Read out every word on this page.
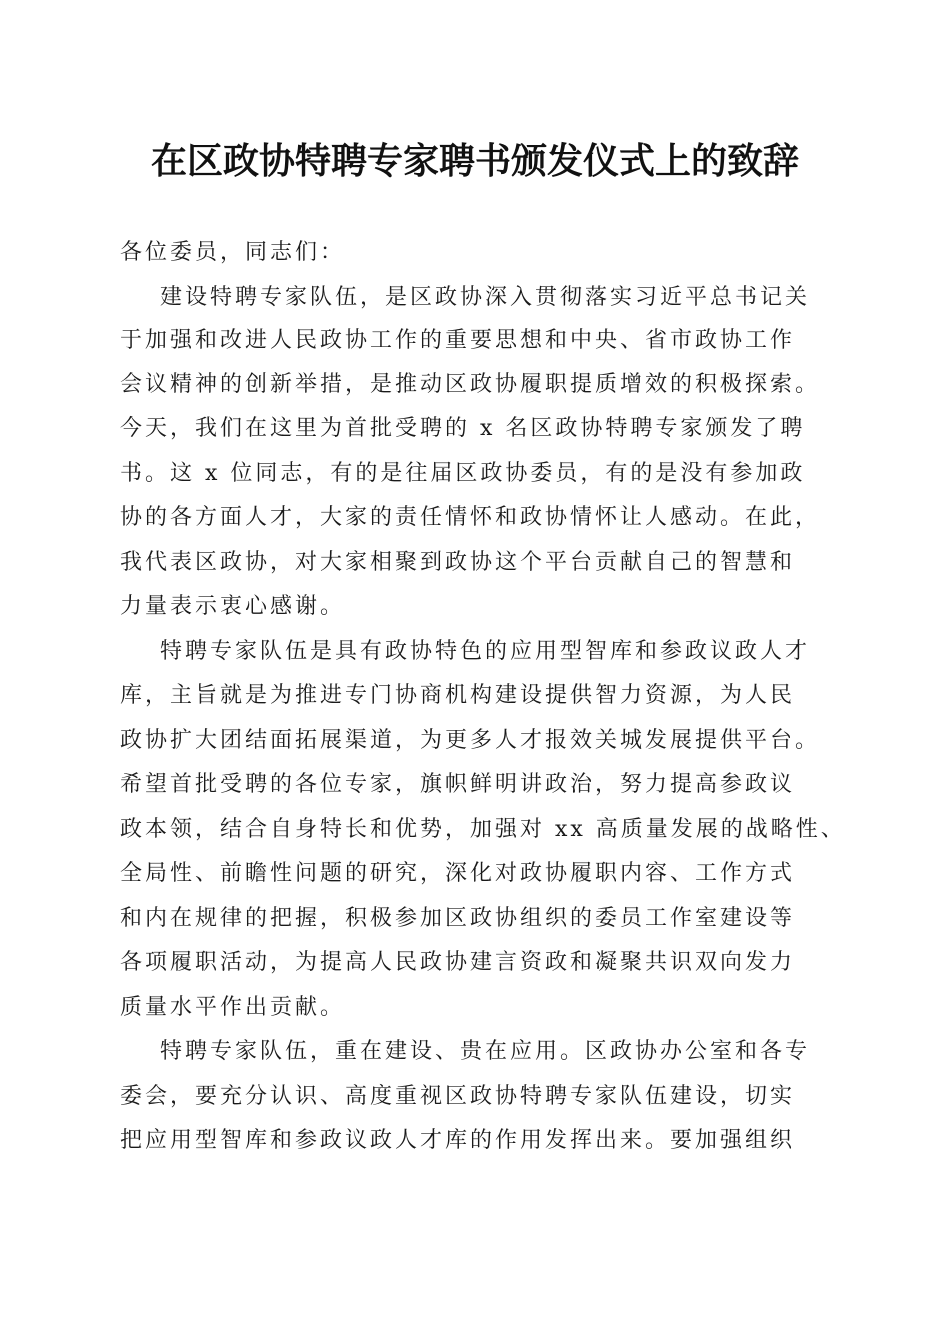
在区政协特聘专家聘书颁发仪式上的致辞
各位委员，同志们：
建设特聘专家队伍，是区政协深入贯彻落实习近平总书记关
于加强和改进人民政协工作的重要思想和中央、省市政协工作
会议精神的创新举措，是推动区政协履职提质增效的积极探索。
今天，我们在这里为首批受聘的 x 名区政协特聘专家颁发了聘
书。这 x 位同志，有的是往届区政协委员，有的是没有参加政
协的各方面人才，大家的责任情怀和政协情怀让人感动。在此，
我代表区政协，对大家相聚到政协这个平台贡献自己的智慧和
力量表示衷心感谢。
特聘专家队伍是具有政协特色的应用型智库和参政议政人才
库，主旨就是为推进专门协商机构建设提供智力资源，为人民
政协扩大团结面拓展渠道，为更多人才报效关城发展提供平台。
希望首批受聘的各位专家，旗帜鲜明讲政治，努力提高参政议
政本领，结合自身特长和优势，加强对 xx 高质量发展的战略性、
全局性、前瞻性问题的研究，深化对政协履职内容、工作方式
和内在规律的把握，积极参加区政协组织的委员工作室建设等
各项履职活动，为提高人民政协建言资政和凝聚共识双向发力
质量水平作出贡献。
特聘专家队伍，重在建设、贵在应用。区政协办公室和各专
委会，要充分认识、高度重视区政协特聘专家队伍建设，切实
把应用型智库和参政议政人才库的作用发挥出来。要加强组织
